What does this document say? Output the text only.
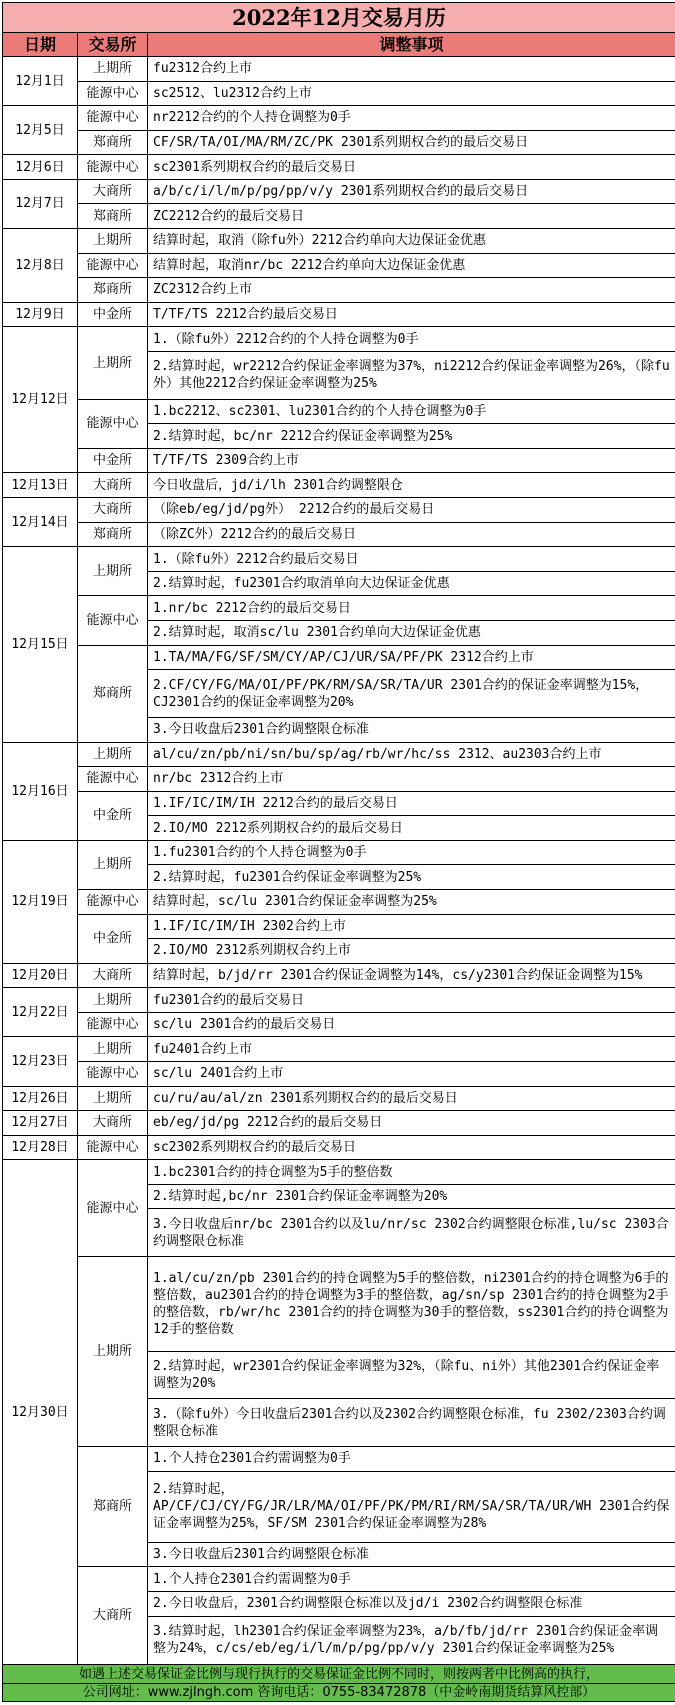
2022年12月交易月历		
日期	交易所	调整事项
12月1日	上期所	fu2312合约上市
	能源中心	sc2512、lu2312合约上市
12月5日	能源中心	nr2212合约的个人持仓调整为0手
	郑商所	CF/SR/TA/OI/MA/RM/ZC/PK 2301系列期权合约的最后交易日
12月6日	能源中心	sc2301系列期权合约的最后交易日
12月7日	大商所	a/b/c/i/l/m/p/pg/pp/v/y 2301系列期权合约的最后交易日
	郑商所	ZC2212合约的最后交易日
12月8日	上期所	结算时起，取消（除fu外）2212合约单向大边保证金优惠
	能源中心	结算时起，取消nr/bc 2212合约单向大边保证金优惠
	郑商所	ZC2312合约上市
12月9日	中金所	T/TF/TS 2212合约最后交易日
12月12日	上期所	1.（除fu外）2212合约的个人持仓调整为0手
		2.结算时起，wr2212合约保证金率调整为37%，ni2212合约保证金率调整为26%，（除fu外）其他2212合约保证金率调整为25%
	能源中心	1.bc2212、sc2301、lu2301合约的个人持仓调整为0手
		2.结算时起，bc/nr 2212合约保证金率调整为25%
	中金所	T/TF/TS 2309合约上市
12月13日	大商所	今日收盘后，jd/i/lh 2301合约调整限仓
12月14日	大商所	（除eb/eg/jd/pg外） 2212合约的最后交易日
	郑商所	（除ZC外）2212合约的最后交易日
12月15日	上期所	1.（除fu外）2212合约最后交易日
		2.结算时起，fu2301合约取消单向大边保证金优惠
	能源中心	1.nr/bc 2212合约的最后交易日
		2.结算时起，取消sc/lu 2301合约单向大边保证金优惠
	郑商所	1.TA/MA/FG/SF/SM/CY/AP/CJ/UR/SA/PF/PK 2312合约上市
		2.CF/CY/FG/MA/OI/PF/PK/RM/SA/SR/TA/UR 2301合约的保证金率调整为15%，CJ2301合约的保证金率调整为20%
		3.今日收盘后2301合约调整限仓标准
12月16日	上期所	al/cu/zn/pb/ni/sn/bu/sp/ag/rb/wr/hc/ss 2312、au2303合约上市
	能源中心	nr/bc 2312合约上市
	中金所	1.IF/IC/IM/IH 2212合约的最后交易日
		2.IO/MO 2212系列期权合约的最后交易日
12月19日	上期所	1.fu2301合约的个人持仓调整为0手
		2.结算时起，fu2301合约保证金率调整为25%
	能源中心	结算时起，sc/lu 2301合约保证金率调整为25%
	中金所	1.IF/IC/IM/IH 2302合约上市
		2.IO/MO 2312系列期权合约上市
12月20日	大商所	结算时起，b/jd/rr 2301合约保证金调整为14%，cs/y2301合约保证金调整为15%
12月22日	上期所	fu2301合约的最后交易日
	能源中心	sc/lu 2301合约的最后交易日
12月23日	上期所	fu2401合约上市
	能源中心	sc/lu 2401合约上市
12月26日	上期所	cu/ru/au/al/zn 2301系列期权合约的最后交易日
12月27日	大商所	eb/eg/jd/pg 2212合约的最后交易日
12月28日	能源中心	sc2302系列期权合约的最后交易日
12月30日	能源中心	1.bc2301合约的持仓调整为5手的整倍数
		2.结算时起,bc/nr 2301合约保证金率调整为20%
		3.今日收盘后nr/bc 2301合约以及lu/nr/sc 2302合约调整限仓标准,lu/sc 2303合约调整限仓标准
	上期所	1.al/cu/zn/pb 2301合约的持仓调整为5手的整倍数，ni2301合约的持仓调整为6手的整倍数，au2301合约的持仓调整为3手的整倍数，ag/sn/sp 2301合约的持仓调整为2手的整倍数，rb/wr/hc 2301合约的持仓调整为30手的整倍数，ss2301合约的持仓调整为12手的整倍数
		2.结算时起，wr2301合约保证金率调整为32%，（除fu、ni外）其他2301合约保证金率调整为20%
		3.（除fu外）今日收盘后2301合约以及2302合约调整限仓标准，fu 2302/2303合约调整限仓标准
	郑商所	1.个人持仓2301合约需调整为0手
		2.结算时起，AP/CF/CJ/CY/FG/JR/LR/MA/OI/PF/PK/PM/RI/RM/SA/SR/TA/UR/WH 2301合约保证金率调整为25%，SF/SM 2301合约保证金率调整为28%
		3.今日收盘后2301合约调整限仓标准
	大商所	1.个人持仓2301合约需调整为0手
		2.今日收盘后，2301合约调整限仓标准以及jd/i 2302合约调整限仓标准
		3.结算时起，lh2301合约保证金率调整为23%，a/b/fb/jd/rr 2301合约保证金率调整为24%，c/cs/eb/eg/i/l/m/p/pg/pp/v/y 2301合约保证金率调整为25%
如遇上述交易保证金比例与现行执行的交易保证金比例不同时，则按两者中比例高的执行，		
公司网址：www.zjlngh.com 咨询电话：0755-83472878（中金岭南期货结算风控部）		
